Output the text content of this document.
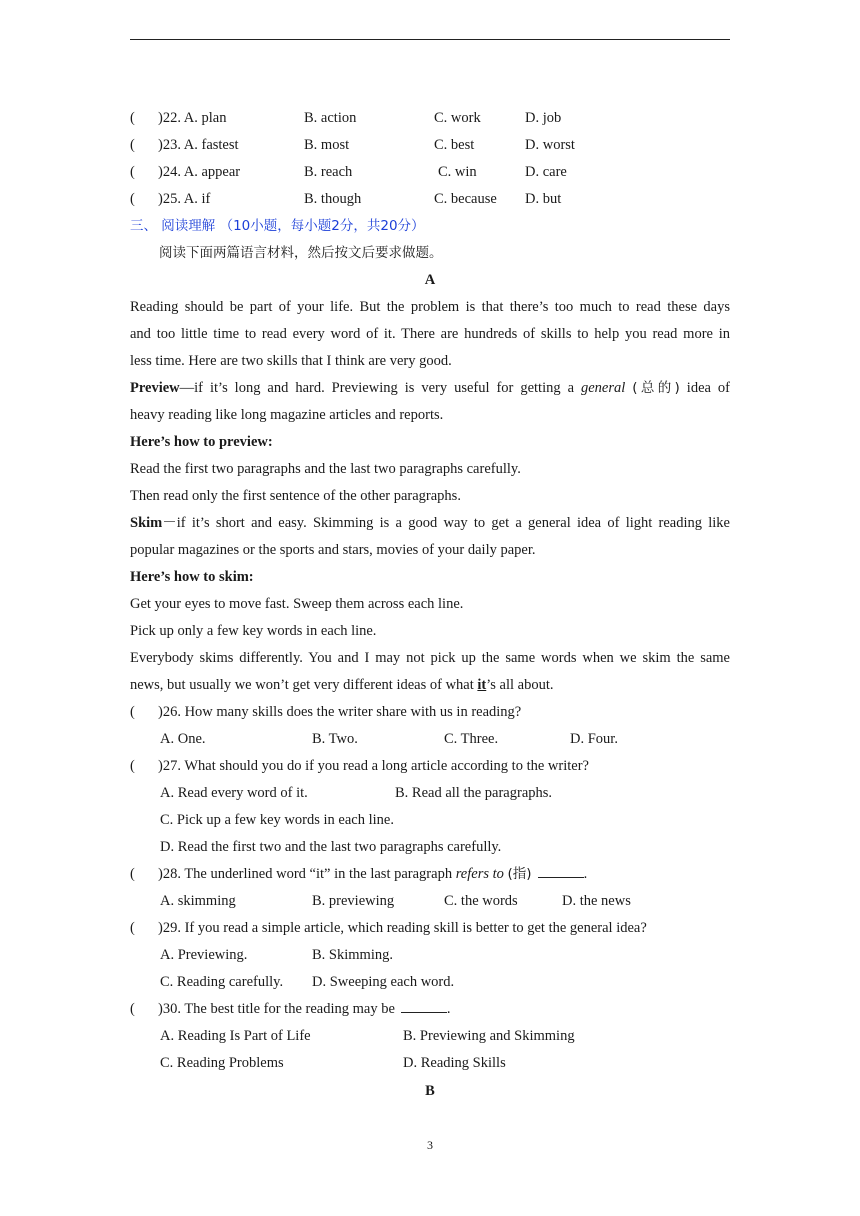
( )22. A. plan	B. action	C. work	D. job
( )23. A. fastest	B. most	C. best	D. worst
( )24. A. appear	B. reach	C. win	D. care
( )25. A. if	B. though	C. because D. but
三、 阅读理解 （10小题，每小题2分，共20分）
阅读下面两篇语言材料，然后按文后要求做题。
A
Reading should be part of your life. But the problem is that there’s too much to read these days
and too little time to read every word of it. There are hundreds of skills to help you read more in
less time. Here are two skills that I think are very good.
Preview—if it’s long and hard. Previewing is very useful for getting a general (总的) idea of
heavy reading like long magazine articles and reports.
Here’s how to preview:
Read the first two paragraphs and the last two paragraphs carefully.
Then read only the first sentence of the other paragraphs.
Skim－if it’s short and easy. Skimming is a good way to get a general idea of light reading like
popular magazines or the sports and stars, movies of your daily paper.
Here’s how to skim:
Get your eyes to move fast. Sweep them across each line.
Pick up only a few key words in each line.
Everybody skims differently. You and I may not pick up the same words when we skim the same
news, but usually we won’t get very different ideas of what it’s all about.
( )26. How many skills does the writer share with us in reading?
A. One.	B. Two.	C. Three.	D. Four.
( )27. What should you do if you read a long article according to the writer?
A. Read every word of it.	B. Read all the paragraphs.
C. Pick up a few key words in each line.
D. Read the first two and the last two paragraphs carefully.
( )28. The underlined word “it” in the last paragraph refers to (指)	.
A. skimming	B. previewing	C. the words	D. the news
( )29. If you read a simple article, which reading skill is better to get the general idea?
A. Previewing.	B. Skimming.
C. Reading carefully. D. Sweeping each word.
( )30. The best title for the reading may be	.
A. Reading Is Part of Life	B. Previewing and Skimming
C. Reading Problems	D. Reading Skills
B
3
